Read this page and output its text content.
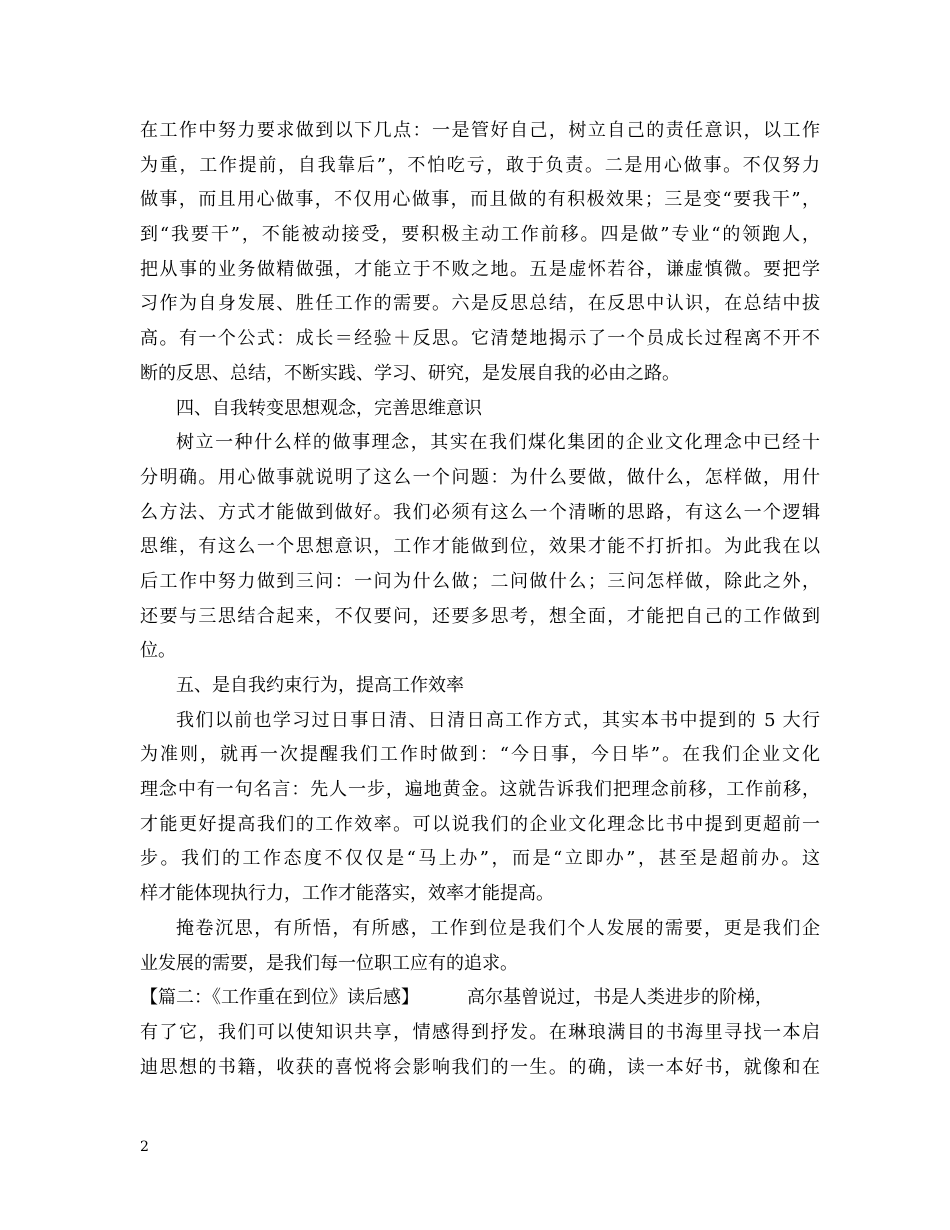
在工作中努力要求做到以下几点：一是管好自己，树立自己的责任意识，以工作
为重，工作提前，自我靠后”，不怕吃亏，敢于负责。二是用心做事。不仅努力
做事，而且用心做事，不仅用心做事，而且做的有积极效果；三是变“要我干”，
到“我要干”，不能被动接受，要积极主动工作前移。四是做”专业“的领跑人，
把从事的业务做精做强，才能立于不败之地。五是虚怀若谷，谦虚慎微。要把学
习作为自身发展、胜任工作的需要。六是反思总结，在反思中认识，在总结中拔
高。有一个公式：成长＝经验＋反思。它清楚地揭示了一个员成长过程离不开不
断的反思、总结，不断实践、学习、研究，是发展自我的必由之路。
四、自我转变思想观念，完善思维意识
树立一种什么样的做事理念，其实在我们煤化集团的企业文化理念中已经十
分明确。用心做事就说明了这么一个问题：为什么要做，做什么，怎样做，用什
么方法、方式才能做到做好。我们必须有这么一个清晰的思路，有这么一个逻辑
思维，有这么一个思想意识，工作才能做到位，效果才能不打折扣。为此我在以
后工作中努力做到三问：一问为什么做；二问做什么；三问怎样做，除此之外，
还要与三思结合起来，不仅要问，还要多思考，想全面，才能把自己的工作做到
位。
五、是自我约束行为，提高工作效率
我们以前也学习过日事日清、日清日高工作方式，其实本书中提到的 5 大行
为准则，就再一次提醒我们工作时做到：“今日事，今日毕”。在我们企业文化
理念中有一句名言：先人一步，遍地黄金。这就告诉我们把理念前移，工作前移，
才能更好提高我们的工作效率。可以说我们的企业文化理念比书中提到更超前一
步。我们的工作态度不仅仅是“马上办”，而是“立即办”，甚至是超前办。这
样才能体现执行力，工作才能落实，效率才能提高。
掩卷沉思，有所悟，有所感，工作到位是我们个人发展的需要，更是我们企
业发展的需要，是我们每一位职工应有的追求。
【篇二：《工作重在到位》读后感】	高尔基曾说过，书是人类进步的阶梯，
有了它，我们可以使知识共享，情感得到抒发。在琳琅满目的书海里寻找一本启
迪思想的书籍，收获的喜悦将会影响我们的一生。的确，读一本好书，就像和在
2
